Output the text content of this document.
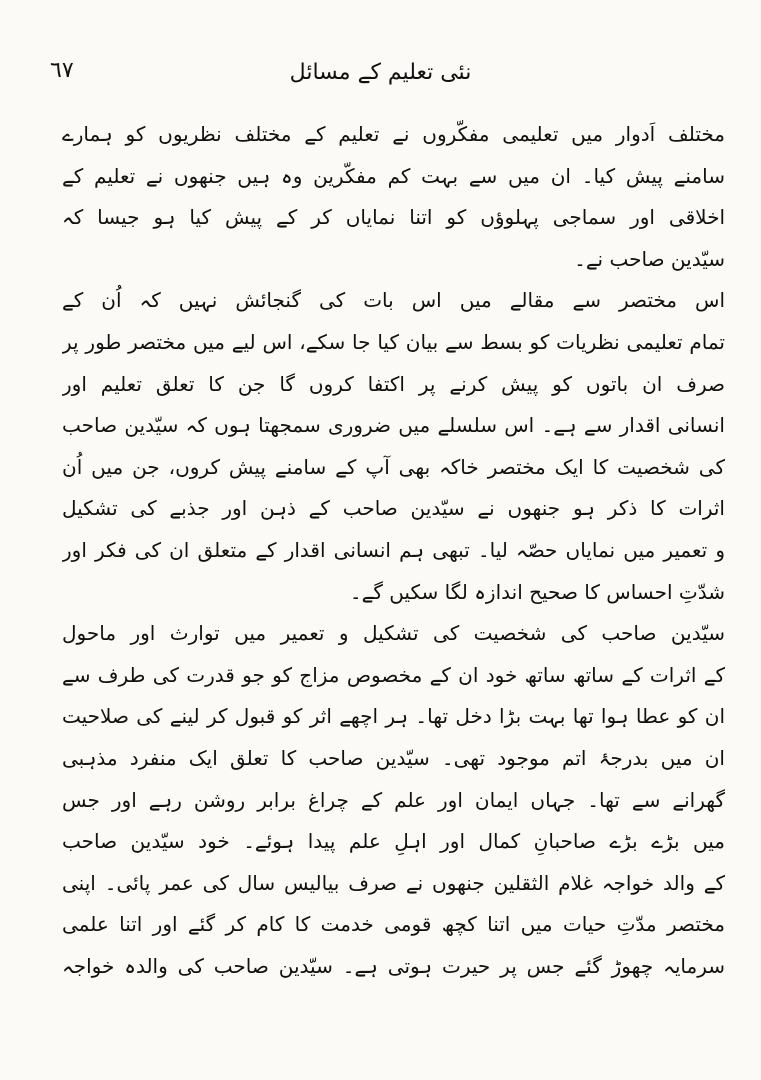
٦٧	نئی تعلیم کے مسائل
مختلف اَدوار میں تعلیمی مفکّروں نے تعلیم کے مختلف نظریوں کو ہمارے
سامنے پیش کیا۔ ان میں سے بہت کم مفکّرین وہ ہیں جنھوں نے تعلیم کے
اخلاقی اور سماجی پہلوؤں کو اتنا نمایاں کر کے پیش کیا ہو جیسا کہ
سیّدین صاحب نے۔
اس مختصر سے مقالے میں اس بات کی گنجائش نہیں کہ اُن کے
تمام تعلیمی نظریات کو بسط سے بیان کیا جا سکے، اس لیے میں مختصر طور پر
صرف ان باتوں کو پیش کرنے پر اکتفا کروں گا جن کا تعلق تعلیم اور
انسانی اقدار سے ہے۔ اس سلسلے میں ضروری سمجھتا ہوں کہ سیّدین صاحب
کی شخصیت کا ایک مختصر خاکہ بھی آپ کے سامنے پیش کروں، جن میں اُن
اثرات کا ذکر ہو جنھوں نے سیّدین صاحب کے ذہن اور جذبے کی تشکیل
و تعمیر میں نمایاں حصّہ لیا۔ تبھی ہم انسانی اقدار کے متعلق ان کی فکر اور
شدّتِ احساس کا صحیح اندازہ لگا سکیں گے۔
سیّدین صاحب کی شخصیت کی تشکیل و تعمیر میں توارث اور ماحول
کے اثرات کے ساتھ ساتھ خود ان کے مخصوص مزاج کو جو قدرت کی طرف سے
ان کو عطا ہوا تھا بہت بڑا دخل تھا۔ ہر اچھے اثر کو قبول کر لینے کی صلاحیت
ان میں بدرجۂ اتم موجود تھی۔ سیّدین صاحب کا تعلق ایک منفرد مذہبی
گھرانے سے تھا۔ جہاں ایمان اور علم کے چراغ برابر روشن رہے اور جس
میں بڑے بڑے صاحبانِ کمال اور اہلِ علم پیدا ہوئے۔ خود سیّدین صاحب
کے والد خواجہ غلام الثقلین جنھوں نے صرف بیالیس سال کی عمر پائی۔ اپنی
مختصر مدّتِ حیات میں اتنا کچھ قومی خدمت کا کام کر گئے اور اتنا علمی
سرمایہ چھوڑ گئے جس پر حیرت ہوتی ہے۔ سیّدین صاحب کی والدہ خواجہ
